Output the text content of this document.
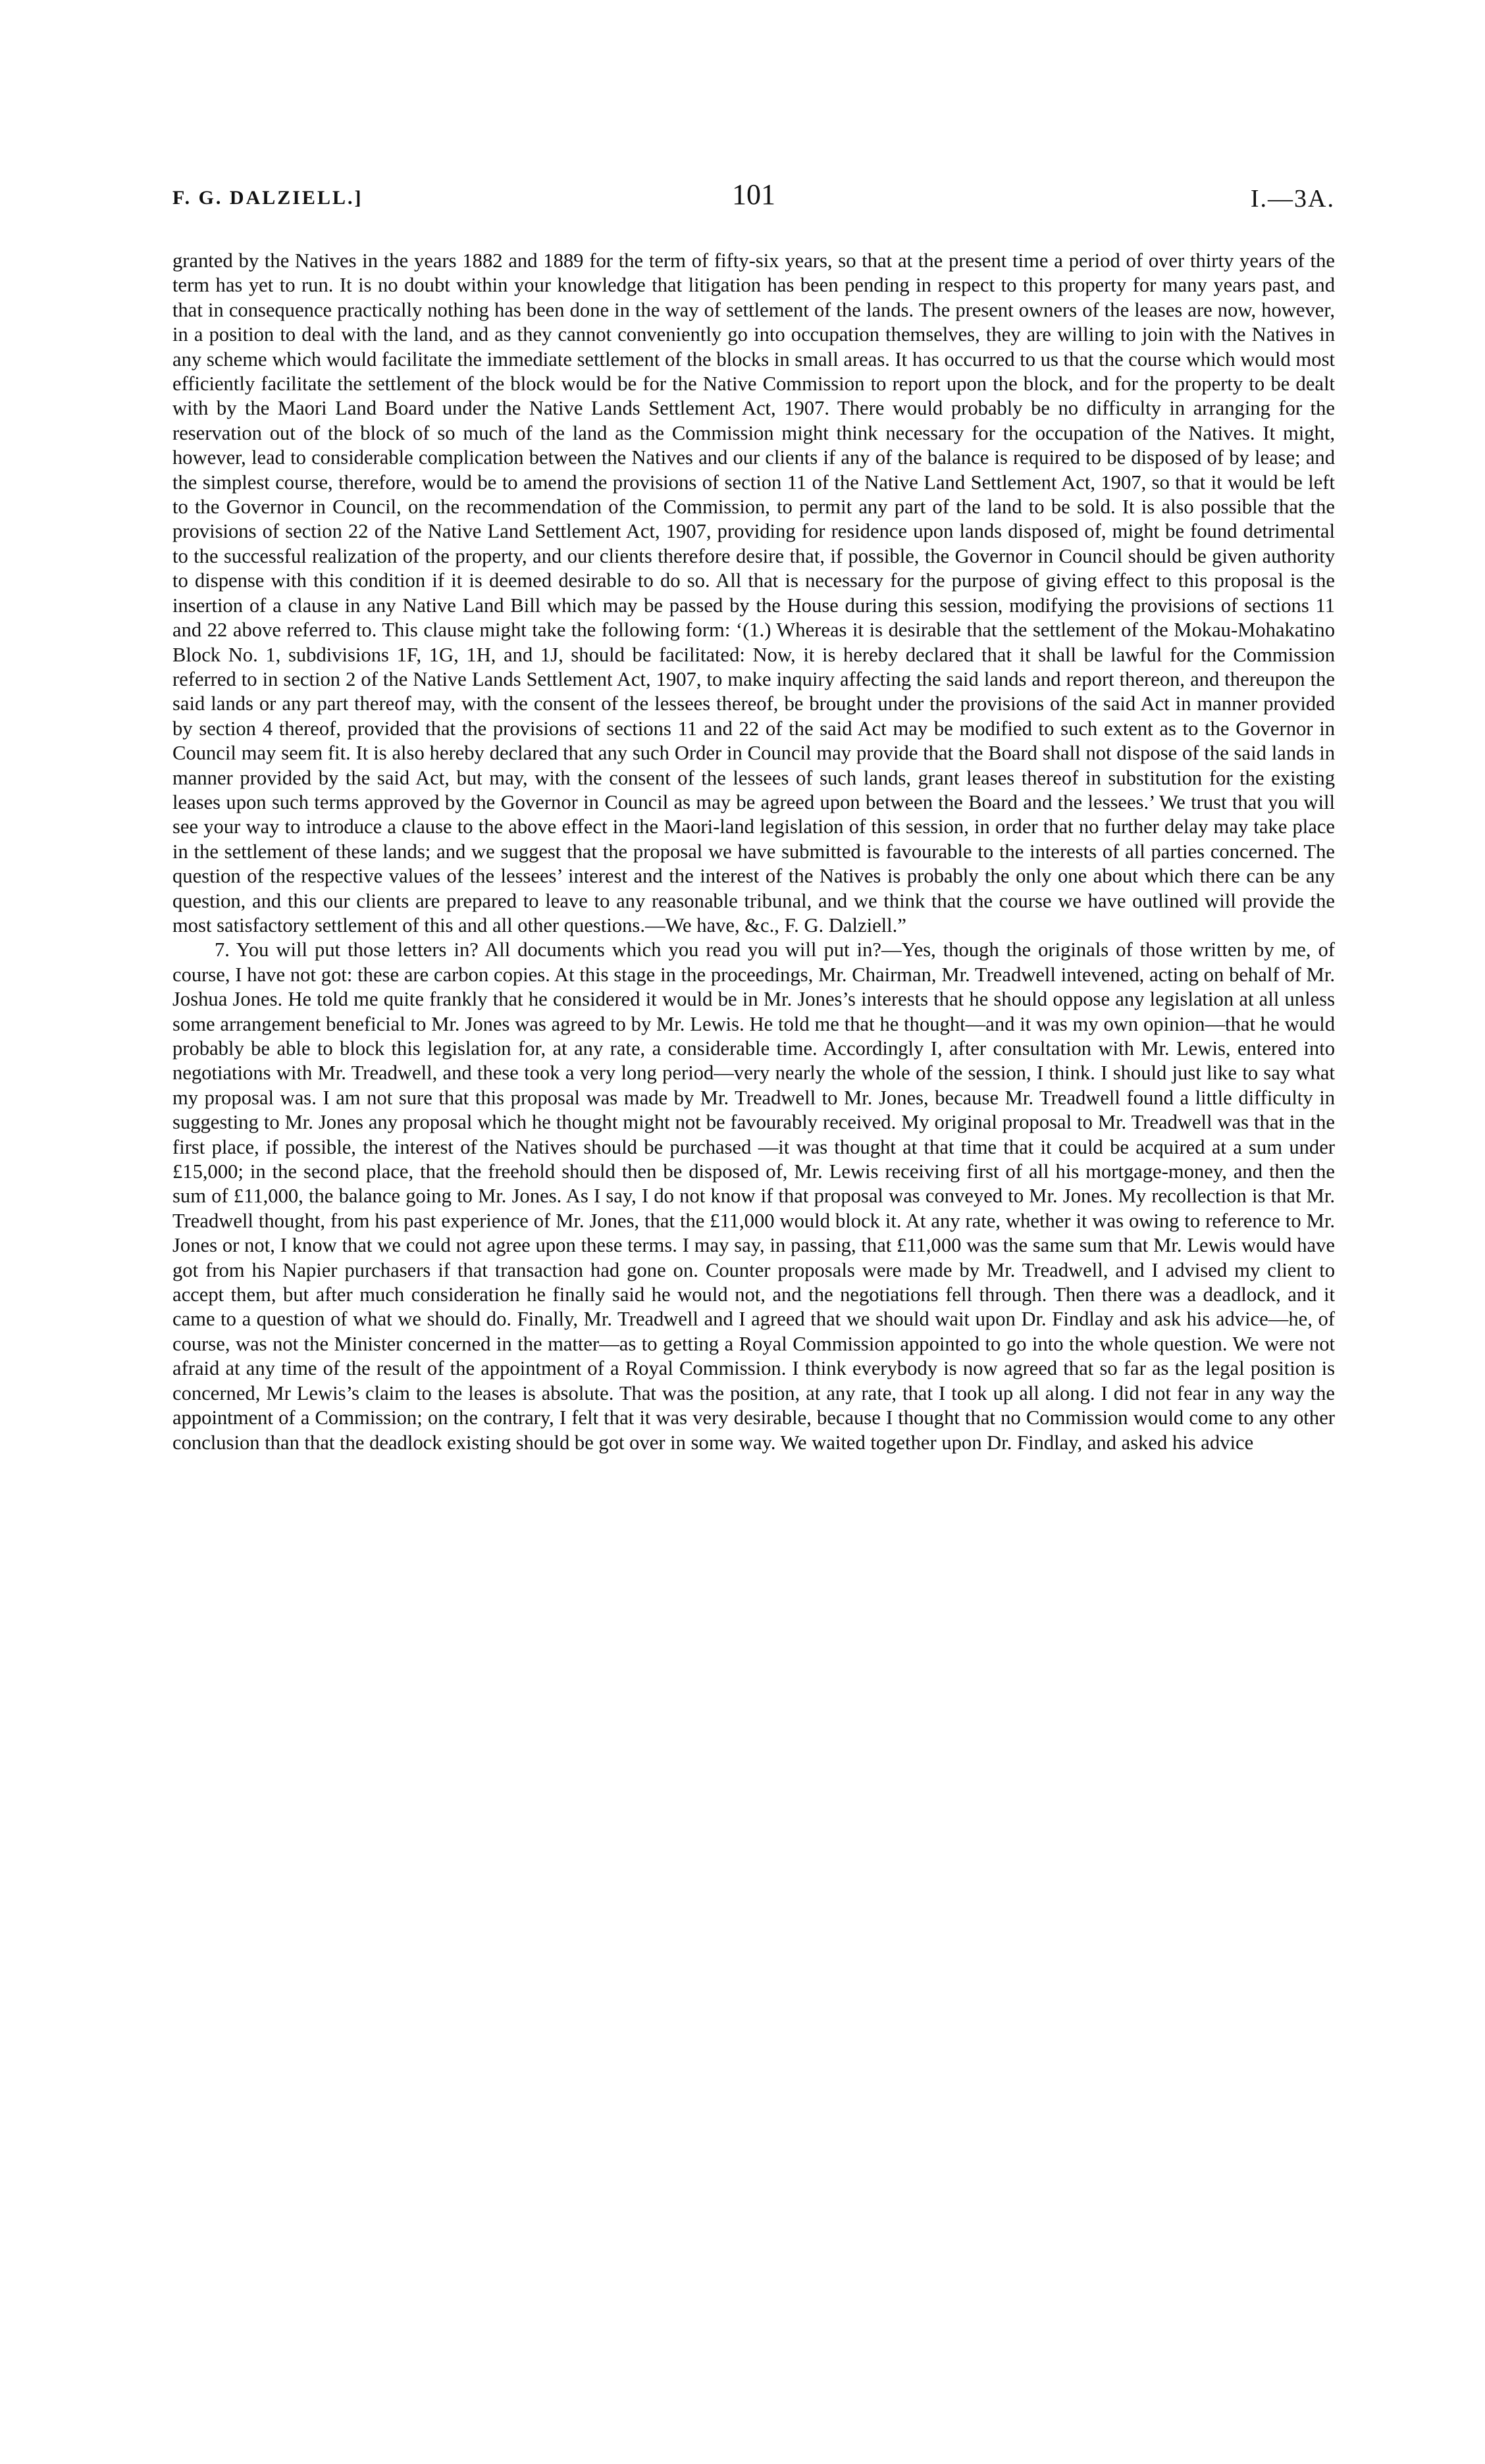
F. G. DALZIELL.]	101	I.—3A.

granted by the Natives in the years 1882 and 1889 for the term of fifty-six years, so that at the present time a period of over thirty years of the term has yet to run. It is no doubt within your knowledge that litigation has been pending in respect to this property for many years past, and that in consequence practically nothing has been done in the way of settlement of the lands. The present owners of the leases are now, however, in a position to deal with the land, and as they cannot conveniently go into occupation themselves, they are willing to join with the Natives in any scheme which would facilitate the immediate settlement of the blocks in small areas. It has occurred to us that the course which would most efficiently facilitate the settlement of the block would be for the Native Commission to report upon the block, and for the property to be dealt with by the Maori Land Board under the Native Lands Settlement Act, 1907. There would probably be no difficulty in arranging for the reservation out of the block of so much of the land as the Commission might think necessary for the occupation of the Natives. It might, however, lead to considerable complication between the Natives and our clients if any of the balance is required to be disposed of by lease; and the simplest course, therefore, would be to amend the provisions of section 11 of the Native Land Settlement Act, 1907, so that it would be left to the Governor in Council, on the recommendation of the Commission, to permit any part of the land to be sold. It is also possible that the provisions of section 22 of the Native Land Settlement Act, 1907, providing for residence upon lands disposed of, might be found detrimental to the successful realization of the property, and our clients therefore desire that, if possible, the Governor in Council should be given authority to dispense with this condition if it is deemed desirable to do so. All that is necessary for the purpose of giving effect to this proposal is the insertion of a clause in any Native Land Bill which may be passed by the House during this session, modifying the provisions of sections 11 and 22 above referred to. This clause might take the following form: ‘(1.) Whereas it is desirable that the settlement of the Mokau-Mohakatino Block No. 1, subdivisions 1F, 1G, 1H, and 1J, should be facilitated: Now, it is hereby declared that it shall be lawful for the Commission referred to in section 2 of the Native Lands Settlement Act, 1907, to make inquiry affecting the said lands and report thereon, and thereupon the said lands or any part thereof may, with the consent of the lessees thereof, be brought under the provisions of the said Act in manner provided by section 4 thereof, provided that the provisions of sections 11 and 22 of the said Act may be modified to such extent as to the Governor in Council may seem fit. It is also hereby declared that any such Order in Council may provide that the Board shall not dispose of the said lands in manner provided by the said Act, but may, with the consent of the lessees of such lands, grant leases thereof in substitution for the existing leases upon such terms approved by the Governor in Council as may be agreed upon between the Board and the lessees.’ We trust that you will see your way to introduce a clause to the above effect in the Maori-land legislation of this session, in order that no further delay may take place in the settlement of these lands; and we suggest that the proposal we have submitted is favourable to the interests of all parties concerned. The question of the respective values of the lessees’ interest and the interest of the Natives is probably the only one about which there can be any question, and this our clients are prepared to leave to any reasonable tribunal, and we think that the course we have outlined will provide the most satisfactory settlement of this and all other questions.—We have, &c., F. G. Dalziell.”

7. You will put those letters in? All documents which you read you will put in?—Yes, though the originals of those written by me, of course, I have not got: these are carbon copies. At this stage in the proceedings, Mr. Chairman, Mr. Treadwell intevened, acting on behalf of Mr. Joshua Jones. He told me quite frankly that he considered it would be in Mr. Jones’s interests that he should oppose any legislation at all unless some arrangement beneficial to Mr. Jones was agreed to by Mr. Lewis. He told me that he thought—and it was my own opinion—that he would probably be able to block this legislation for, at any rate, a considerable time. Accordingly I, after consultation with Mr. Lewis, entered into negotiations with Mr. Treadwell, and these took a very long period—very nearly the whole of the session, I think. I should just like to say what my proposal was. I am not sure that this proposal was made by Mr. Treadwell to Mr. Jones, because Mr. Treadwell found a little difficulty in suggesting to Mr. Jones any proposal which he thought might not be favourably received. My original proposal to Mr. Treadwell was that in the first place, if possible, the interest of the Natives should be purchased —it was thought at that time that it could be acquired at a sum under £15,000; in the second place, that the freehold should then be disposed of, Mr. Lewis receiving first of all his mortgage-money, and then the sum of £11,000, the balance going to Mr. Jones. As I say, I do not know if that proposal was conveyed to Mr. Jones. My recollection is that Mr. Treadwell thought, from his past experience of Mr. Jones, that the £11,000 would block it. At any rate, whether it was owing to reference to Mr. Jones or not, I know that we could not agree upon these terms. I may say, in passing, that £11,000 was the same sum that Mr. Lewis would have got from his Napier purchasers if that transaction had gone on. Counter proposals were made by Mr. Treadwell, and I advised my client to accept them, but after much consideration he finally said he would not, and the negotiations fell through. Then there was a deadlock, and it came to a question of what we should do. Finally, Mr. Treadwell and I agreed that we should wait upon Dr. Findlay and ask his advice—he, of course, was not the Minister concerned in the matter—as to getting a Royal Commission appointed to go into the whole question. We were not afraid at any time of the result of the appointment of a Royal Commission. I think everybody is now agreed that so far as the legal position is concerned, Mr Lewis’s claim to the leases is absolute. That was the position, at any rate, that I took up all along. I did not fear in any way the appointment of a Commission; on the contrary, I felt that it was very desirable, because I thought that no Commission would come to any other conclusion than that the deadlock existing should be got over in some way. We waited together upon Dr. Findlay, and asked his advice
